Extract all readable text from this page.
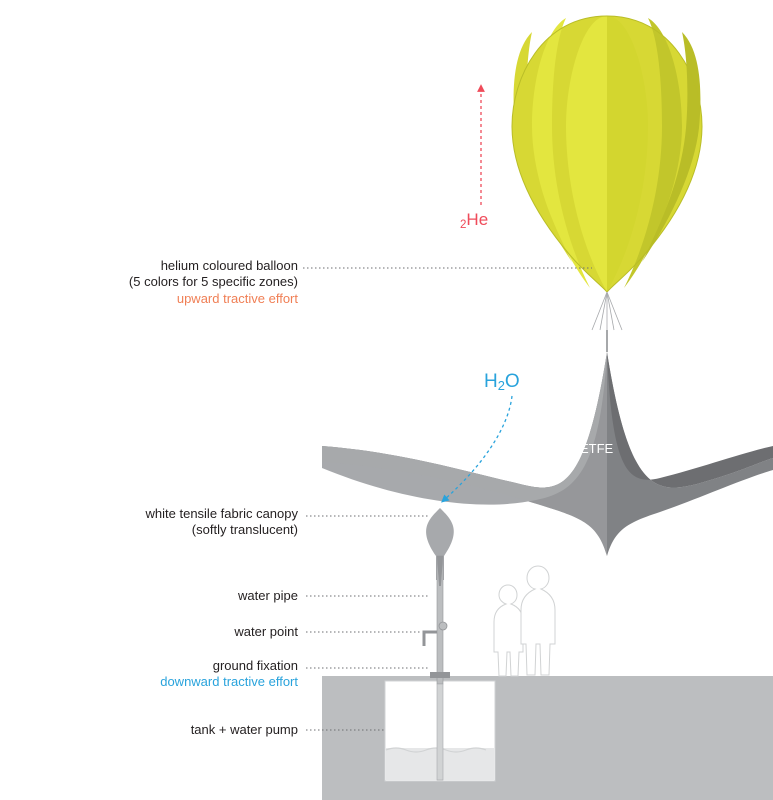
helium coloured balloon
(5 colors for 5 specific zones)
upward tractive effort
white tensile fabric canopy
(softly translucent)
water pipe
water point
ground fixation
downward tractive effort
tank + water pump
$_2$He
$H_2O$
ETFE
